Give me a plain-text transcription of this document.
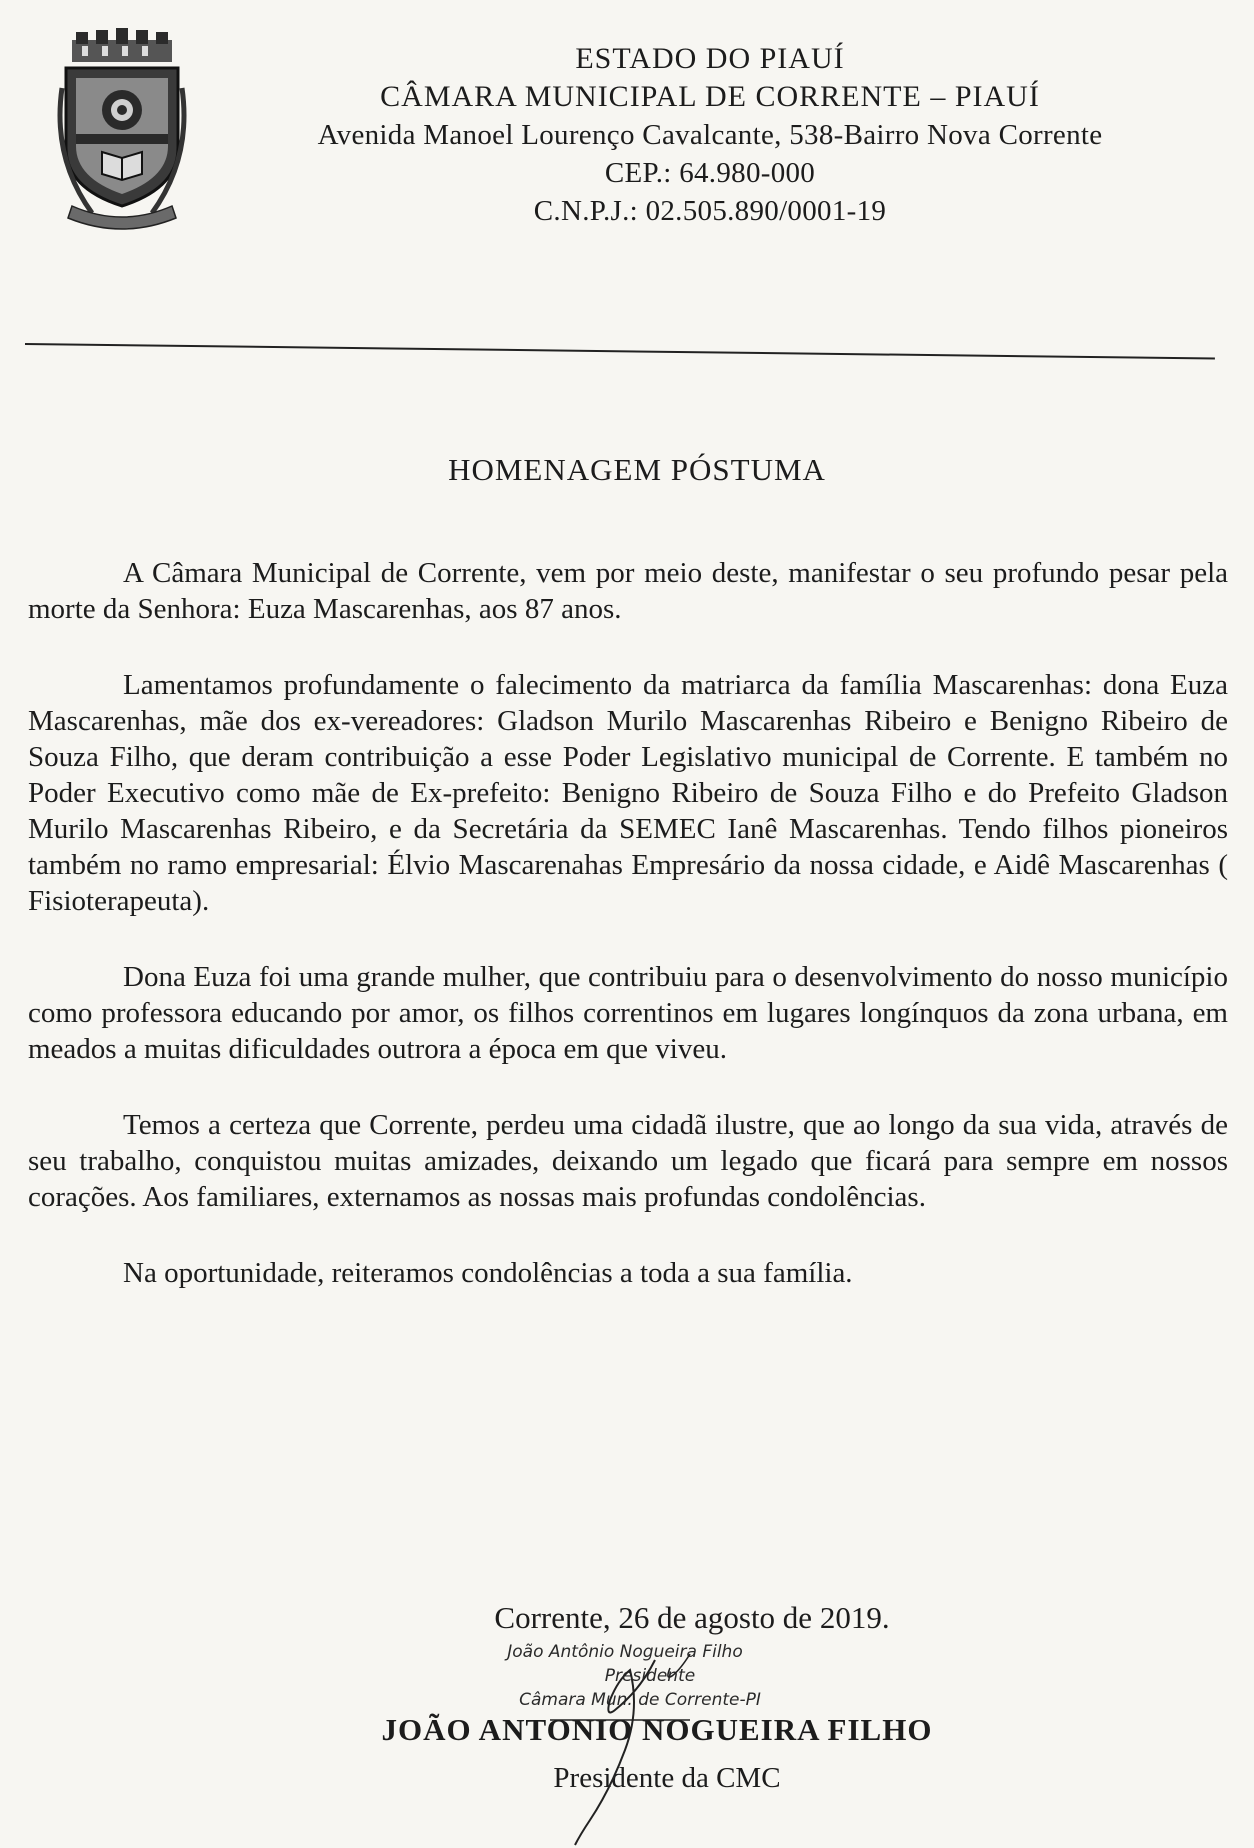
ESTADO DO PIAUÍ
CÂMARA MUNICIPAL DE CORRENTE – PIAUÍ
Avenida Manoel Lourenço Cavalcante, 538-Bairro Nova Corrente
CEP.: 64.980-000
C.N.P.J.: 02.505.890/0001-19
HOMENAGEM PÓSTUMA

A Câmara Municipal de Corrente, vem por meio deste, manifestar o seu profundo pesar pela morte da Senhora: Euza Mascarenhas, aos 87 anos.

Lamentamos profundamente o falecimento da matriarca da família Mascarenhas: dona Euza Mascarenhas, mãe dos ex-vereadores: Gladson Murilo Mascarenhas Ribeiro e Benigno Ribeiro de Souza Filho, que deram contribuição a esse Poder Legislativo municipal de Corrente. E também no Poder Executivo como mãe de Ex-prefeito: Benigno Ribeiro de Souza Filho e do Prefeito Gladson Murilo Mascarenhas Ribeiro, e da Secretária da SEMEC Ianê Mascarenhas. Tendo filhos pioneiros também no ramo empresarial: Élvio Mascarenahas Empresário da nossa cidade, e Aidê Mascarenhas ( Fisioterapeuta).

Dona Euza foi uma grande mulher, que contribuiu para o desenvolvimento do nosso município como professora educando por amor, os filhos correntinos em lugares longínquos da zona urbana, em meados a muitas dificuldades outrora a época em que viveu.

Temos a certeza que Corrente, perdeu uma cidadã ilustre, que ao longo da sua vida, através de seu trabalho, conquistou muitas amizades, deixando um legado que ficará para sempre em nossos corações. Aos familiares, externamos as nossas mais profundas condolências.

Na oportunidade, reiteramos condolências a toda a sua família.

Corrente, 26 de agosto de 2019.
João Antônio Nogueira Filho
Presidente
Câmara Mun. de Corrente-PI
JOÃO ANTONIO NOGUEIRA FILHO
Presidente da CMC
